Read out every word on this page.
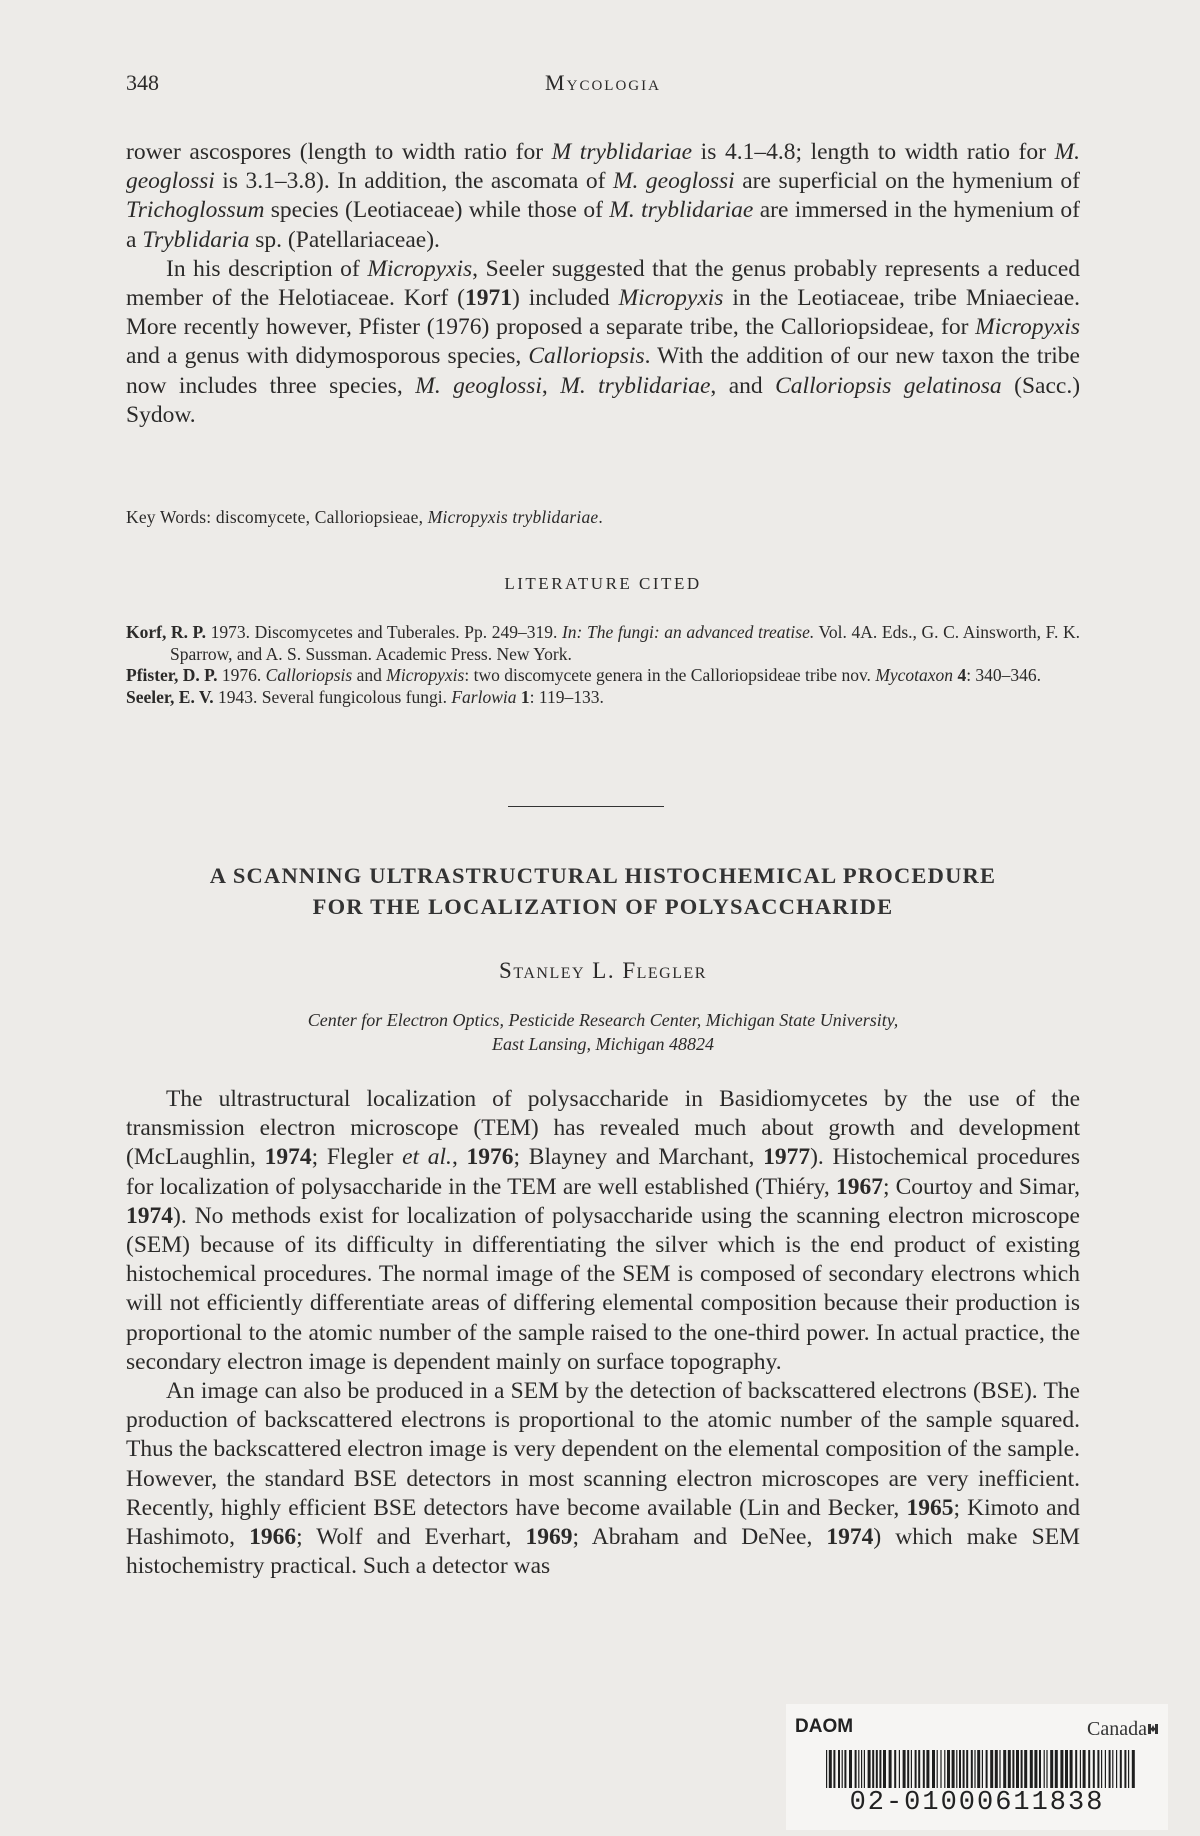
348	Mycologia

rower ascospores (length to width ratio for M tryblidariae is 4.1–4.8; length to width ratio for M. geoglossi is 3.1–3.8). In addition, the ascomata of M. geoglossi are superficial on the hymenium of Trichoglossum species (Leotiaceae) while those of M. tryblidariae are immersed in the hymenium of a Tryblidaria sp. (Patellariaceae).

In his description of Micropyxis, Seeler suggested that the genus probably represents a reduced member of the Helotiaceae. Korf (1971) included Micropyxis in the Leotiaceae, tribe Mniaecieae. More recently however, Pfister (1976) proposed a separate tribe, the Calloriopsideae, for Micropyxis and a genus with didymosporous species, Calloriopsis. With the addition of our new taxon the tribe now includes three species, M. geoglossi, M. tryblidariae, and Calloriopsis gelatinosa (Sacc.) Sydow.

Key Words: discomycete, Calloriopsieae, Micropyxis tryblidariae.
LITERATURE CITED

Korf, R. P. 1973. Discomycetes and Tuberales. Pp. 249–319. In: The fungi: an advanced treatise. Vol. 4A. Eds., G. C. Ainsworth, F. K. Sparrow, and A. S. Sussman. Academic Press. New York.

Pfister, D. P. 1976. Calloriopsis and Micropyxis: two discomycete genera in the Calloriopsideae tribe nov. Mycotaxon 4: 340–346.

Seeler, E. V. 1943. Several fungicolous fungi. Farlowia 1: 119–133.

A SCANNING ULTRASTRUCTURAL HISTOCHEMICAL PROCEDURE
FOR THE LOCALIZATION OF POLYSACCHARIDE
Stanley L. Flegler
Center for Electron Optics, Pesticide Research Center, Michigan State University,
East Lansing, Michigan 48824

The ultrastructural localization of polysaccharide in Basidiomycetes by the use of the transmission electron microscope (TEM) has revealed much about growth and development (McLaughlin, 1974; Flegler et al., 1976; Blayney and Marchant, 1977). Histochemical procedures for localization of polysaccharide in the TEM are well established (Thiéry, 1967; Courtoy and Simar, 1974). No methods exist for localization of polysaccharide using the scanning electron microscope (SEM) because of its difficulty in differentiating the silver which is the end product of existing histochemical procedures. The normal image of the SEM is composed of secondary electrons which will not efficiently differentiate areas of differing elemental composition because their production is proportional to the atomic number of the sample raised to the one-third power. In actual practice, the secondary electron image is dependent mainly on surface topography.

An image can also be produced in a SEM by the detection of backscattered electrons (BSE). The production of backscattered electrons is proportional to the atomic number of the sample squared. Thus the backscattered electron image is very dependent on the elemental composition of the sample. However, the standard BSE detectors in most scanning electron microscopes are very inefficient. Recently, highly efficient BSE detectors have become available (Lin and Becker, 1965; Kimoto and Hashimoto, 1966; Wolf and Everhart, 1969; Abraham and DeNee, 1974) which make SEM histochemistry practical. Such a detector was

DAOM	Canada
02-01000611838
